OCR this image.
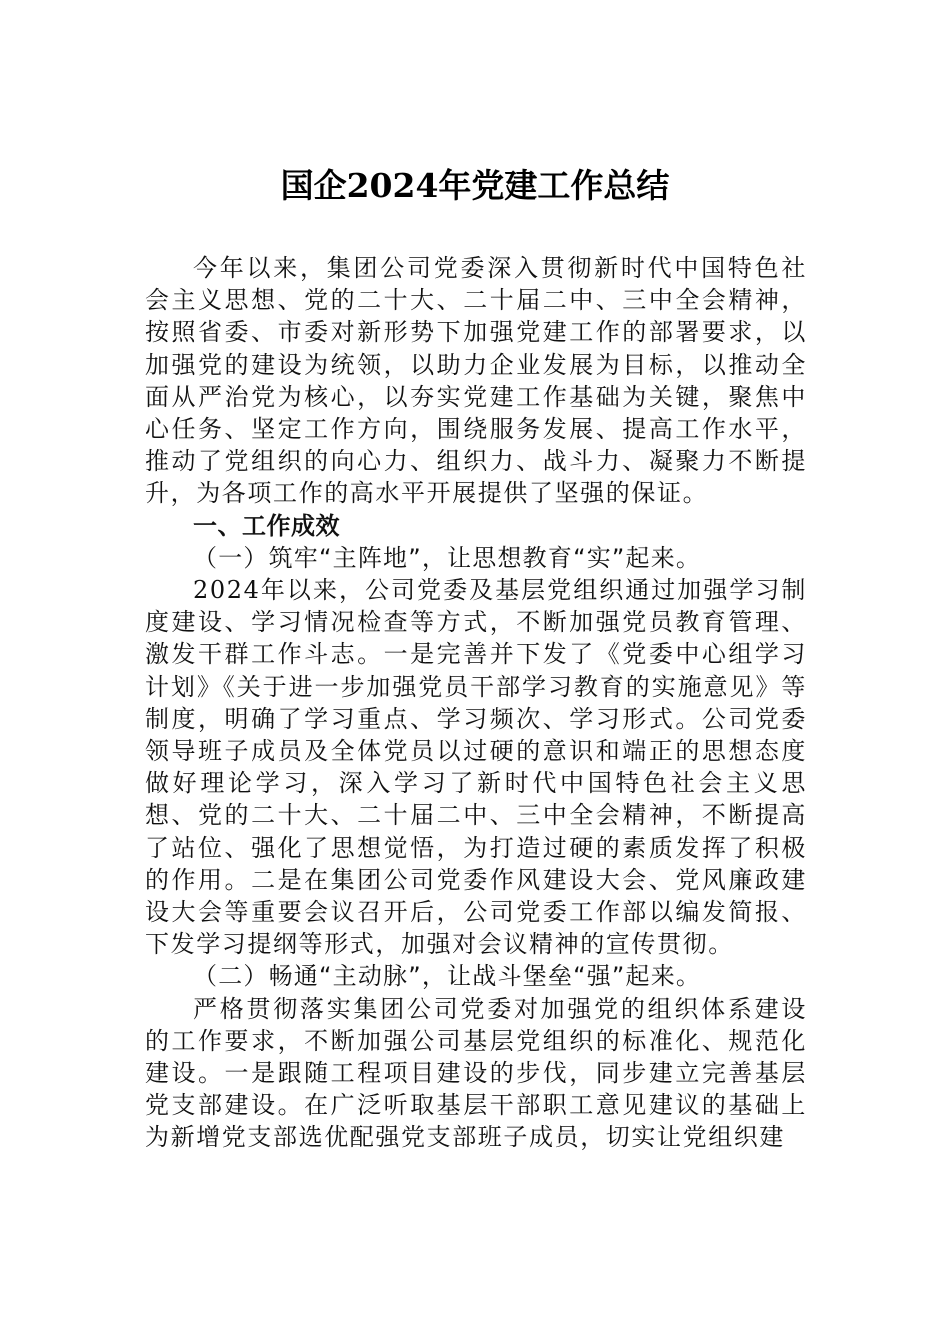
国企2024年党建工作总结

今年以来，集团公司党委深入贯彻新时代中国特色社会主义思想、党的二十大、二十届二中、三中全会精神，按照省委、市委对新形势下加强党建工作的部署要求，以加强党的建设为统领，以助力企业发展为目标，以推动全面从严治党为核心，以夯实党建工作基础为关键，聚焦中心任务、坚定工作方向，围绕服务发展、提高工作水平，推动了党组织的向心力、组织力、战斗力、凝聚力不断提升，为各项工作的高水平开展提供了坚强的保证。

一、工作成效

（一）筑牢“主阵地”，让思想教育“实”起来。

2024年以来，公司党委及基层党组织通过加强学习制度建设、学习情况检查等方式，不断加强党员教育管理、激发干群工作斗志。一是完善并下发了《党委中心组学习计划》《关于进一步加强党员干部学习教育的实施意见》等制度，明确了学习重点、学习频次、学习形式。公司党委领导班子成员及全体党员以过硬的意识和端正的思想态度做好理论学习，深入学习了新时代中国特色社会主义思想、党的二十大、二十届二中、三中全会精神，不断提高了站位、强化了思想觉悟，为打造过硬的素质发挥了积极的作用。二是在集团公司党委作风建设大会、党风廉政建设大会等重要会议召开后，公司党委工作部以编发简报、下发学习提纲等形式，加强对会议精神的宣传贯彻。

（二）畅通“主动脉”，让战斗堡垒“强”起来。

严格贯彻落实集团公司党委对加强党的组织体系建设的工作要求，不断加强公司基层党组织的标准化、规范化建设。一是跟随工程项目建设的步伐，同步建立完善基层党支部建设。在广泛听取基层干部职工意见建议的基础上为新增党支部选优配强党支部班子成员，切实让党组织建
